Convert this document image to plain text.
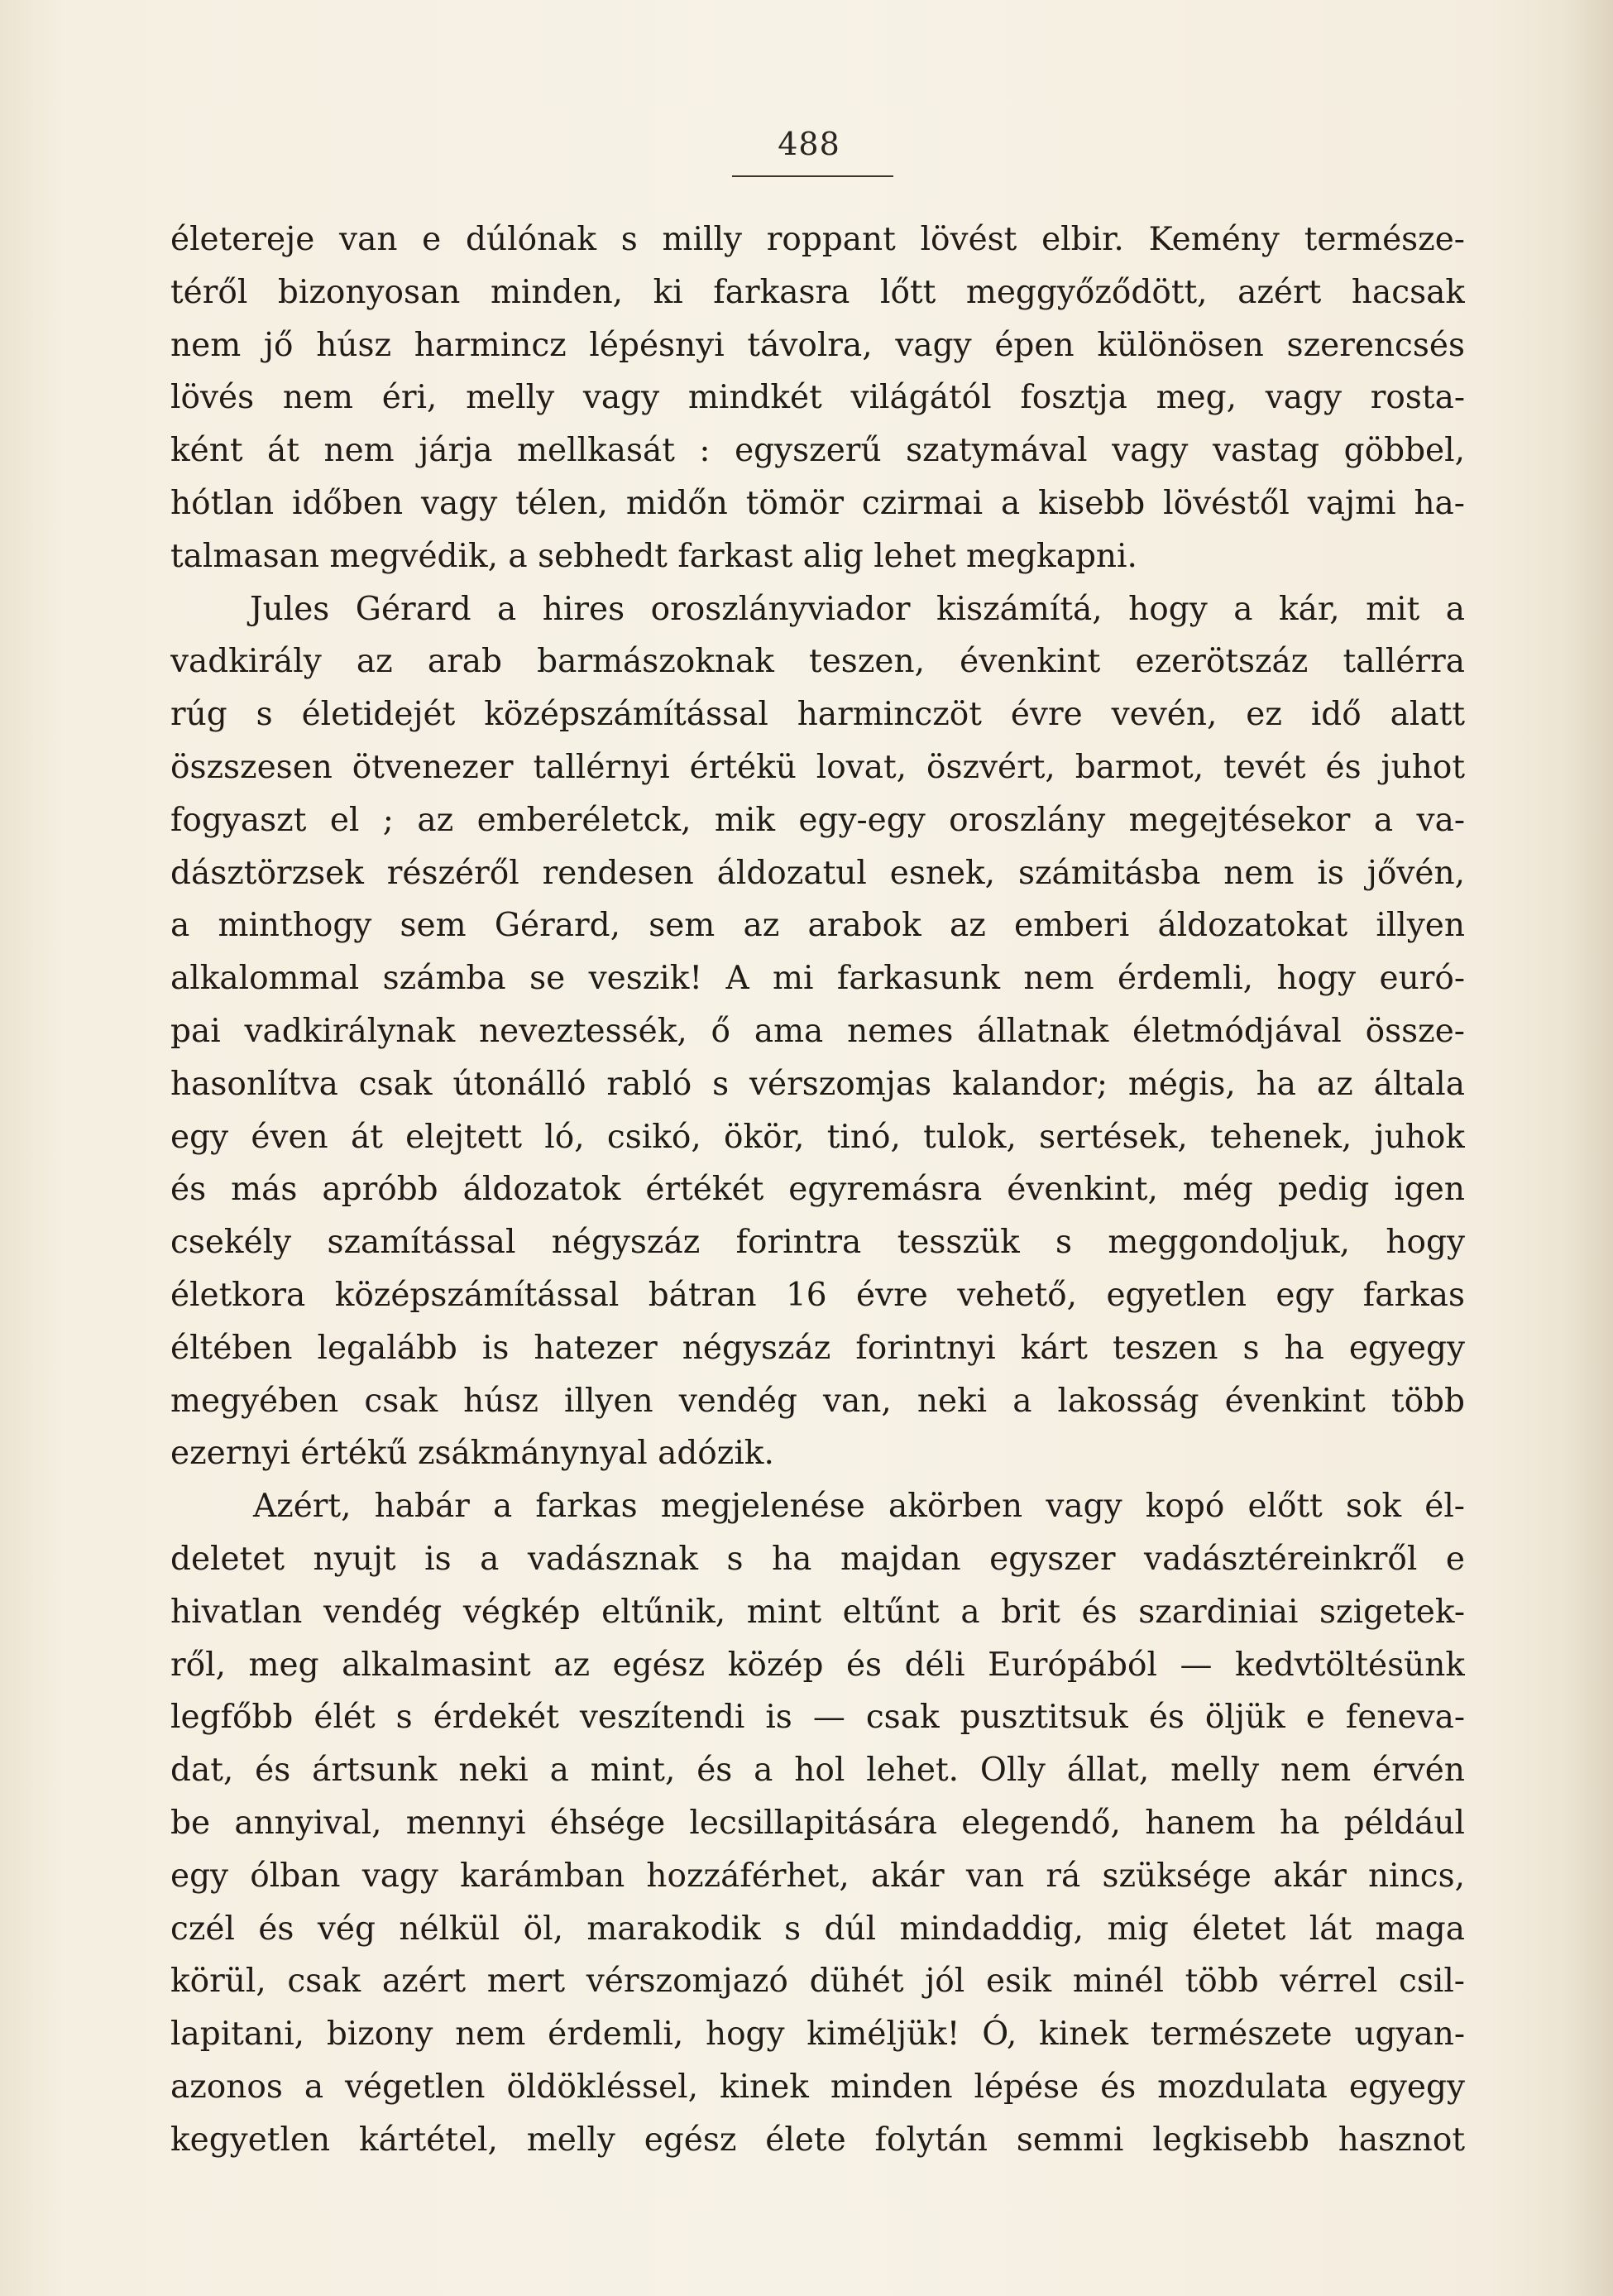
488
életereje van e dúlónak s milly roppant lövést elbir. Kemény természe-
téről bizonyosan minden, ki farkasra lőtt meggyőződött, azért hacsak
nem jő húsz harmincz lépésnyi távolra, vagy épen különösen szerencsés
lövés nem éri, melly vagy mindkét világától fosztja meg, vagy rosta-
ként át nem járja mellkasát : egyszerű szatymával vagy vastag göbbel,
hótlan időben vagy télen, midőn tömör czirmai a kisebb lövéstől vajmi ha-
talmasan megvédik, a sebhedt farkast alig lehet megkapni.
Jules Gérard a hires oroszlányviador kiszámítá, hogy a kár, mit a
vadkirály az arab barmászoknak teszen, évenkint ezerötszáz tallérra
rúg s életidejét középszámítással harminczöt évre vevén, ez idő alatt
öszszesen ötvenezer tallérnyi értékü lovat, öszvért, barmot, tevét és juhot
fogyaszt el ; az emberéletck, mik egy-egy oroszlány megejtésekor a va-
dásztörzsek részéről rendesen áldozatul esnek, számitásba nem is jővén,
a minthogy sem Gérard, sem az arabok az emberi áldozatokat illyen
alkalommal számba se veszik! A mi farkasunk nem érdemli, hogy euró-
pai vadkirálynak neveztessék, ő ama nemes állatnak életmódjával össze-
hasonlítva csak útonálló rabló s vérszomjas kalandor; mégis, ha az általa
egy éven át elejtett ló, csikó, ökör, tinó, tulok, sertések, tehenek, juhok
és más apróbb áldozatok értékét egyremásra évenkint, még pedig igen
csekély szamítással négyszáz forintra tesszük s meggondoljuk, hogy
életkora középszámítással bátran 16 évre vehető, egyetlen egy farkas
éltében legalább is hatezer négyszáz forintnyi kárt teszen s ha egyegy
megyében csak húsz illyen vendég van, neki a lakosság évenkint több
ezernyi értékű zsákmánynyal adózik.
Azért, habár a farkas megjelenése akörben vagy kopó előtt sok él-
deletet nyujt is a vadásznak s ha majdan egyszer vadásztéreinkről e
hivatlan vendég végkép eltűnik, mint eltűnt a brit és szardiniai szigetek-
ről, meg alkalmasint az egész közép és déli Európából — kedvtöltésünk
legfőbb élét s érdekét veszítendi is — csak pusztitsuk és öljük e feneva-
dat, és ártsunk neki a mint, és a hol lehet. Olly állat, melly nem érvén
be annyival, mennyi éhsége lecsillapitására elegendő, hanem ha például
egy ólban vagy karámban hozzáférhet, akár van rá szüksége akár nincs,
czél és vég nélkül öl, marakodik s dúl mindaddig, mig életet lát maga
körül, csak azért mert vérszomjazó dühét jól esik minél több vérrel csil-
lapitani, bizony nem érdemli, hogy kiméljük! Ó, kinek természete ugyan-
azonos a végetlen öldökléssel, kinek minden lépése és mozdulata egyegy
kegyetlen kártétel, melly egész élete folytán semmi legkisebb hasznot
